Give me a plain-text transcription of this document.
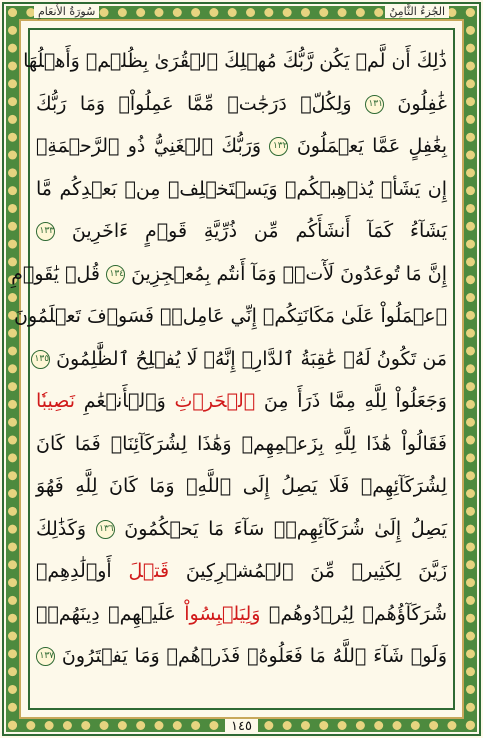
سُورَةُ الأَنعَامِ	الجُزءُ الثَّامِنُ
ذَٰلِكَ أَن لَّمۡ يَكُن رَّبُّكَ مُهۡلِكَ ٱلۡقُرَىٰ بِظُلۡمٖ وَأَهۡلُهَا
غَٰفِلُونَ ١٣١ وَلِكُلّٖ دَرَجَٰتٞ مِّمَّا عَمِلُواْۚ وَمَا رَبُّكَ
بِغَٰفِلٍ عَمَّا يَعۡمَلُونَ ١٣٢ وَرَبُّكَ ٱلۡغَنِيُّ ذُو ٱلرَّحۡمَةِۚ
إِن يَشَأۡ يُذۡهِبۡكُمۡ وَيَسۡتَخۡلِفۡ مِنۢ بَعۡدِكُم مَّا
يَشَآءُ كَمَآ أَنشَأَكُم مِّن ذُرِّيَّةِ قَوۡمٍ ءَاخَرِينَ ١٣٣
إِنَّ مَا تُوعَدُونَ لَأٓتٖۖ وَمَآ أَنتُم بِمُعۡجِزِينَ ١٣٤ قُلۡ يَٰقَوۡمِ
ٱعۡمَلُواْ عَلَىٰ مَكَانَتِكُمۡ إِنِّي عَامِلٞۖ فَسَوۡفَ تَعۡلَمُونَ
مَن تَكُونُ لَهُۥ عَٰقِبَةُ ٱلدَّارِۚ إِنَّهُۥ لَا يُفۡلِحُ ٱلظَّٰلِمُونَ ١٣٥
وَجَعَلُواْ لِلَّهِ مِمَّا ذَرَأَ مِنَ ٱلۡحَرۡثِ وَٱلۡأَنۡعَٰمِ نَصِيبٗا
فَقَالُواْ هَٰذَا لِلَّهِ بِزَعۡمِهِمۡ وَهَٰذَا لِشُرَكَآئِنَاۖ فَمَا كَانَ
لِشُرَكَآئِهِمۡ فَلَا يَصِلُ إِلَى ٱللَّهِۖ وَمَا كَانَ لِلَّهِ فَهُوَ
يَصِلُ إِلَىٰ شُرَكَآئِهِمۡۗ سَآءَ مَا يَحۡكُمُونَ ١٣٦ وَكَذَٰلِكَ
زَيَّنَ لِكَثِيرٖ مِّنَ ٱلۡمُشۡرِكِينَ قَتۡلَ أَوۡلَٰدِهِمۡ
شُرَكَآؤُهُمۡ لِيُرۡدُوهُمۡ وَلِيَلۡبِسُواْ عَلَيۡهِمۡ دِينَهُمۡۖ
وَلَوۡ شَآءَ ٱللَّهُ مَا فَعَلُوهُۖ فَذَرۡهُمۡ وَمَا يَفۡتَرُونَ ١٣٧
١٤٥
